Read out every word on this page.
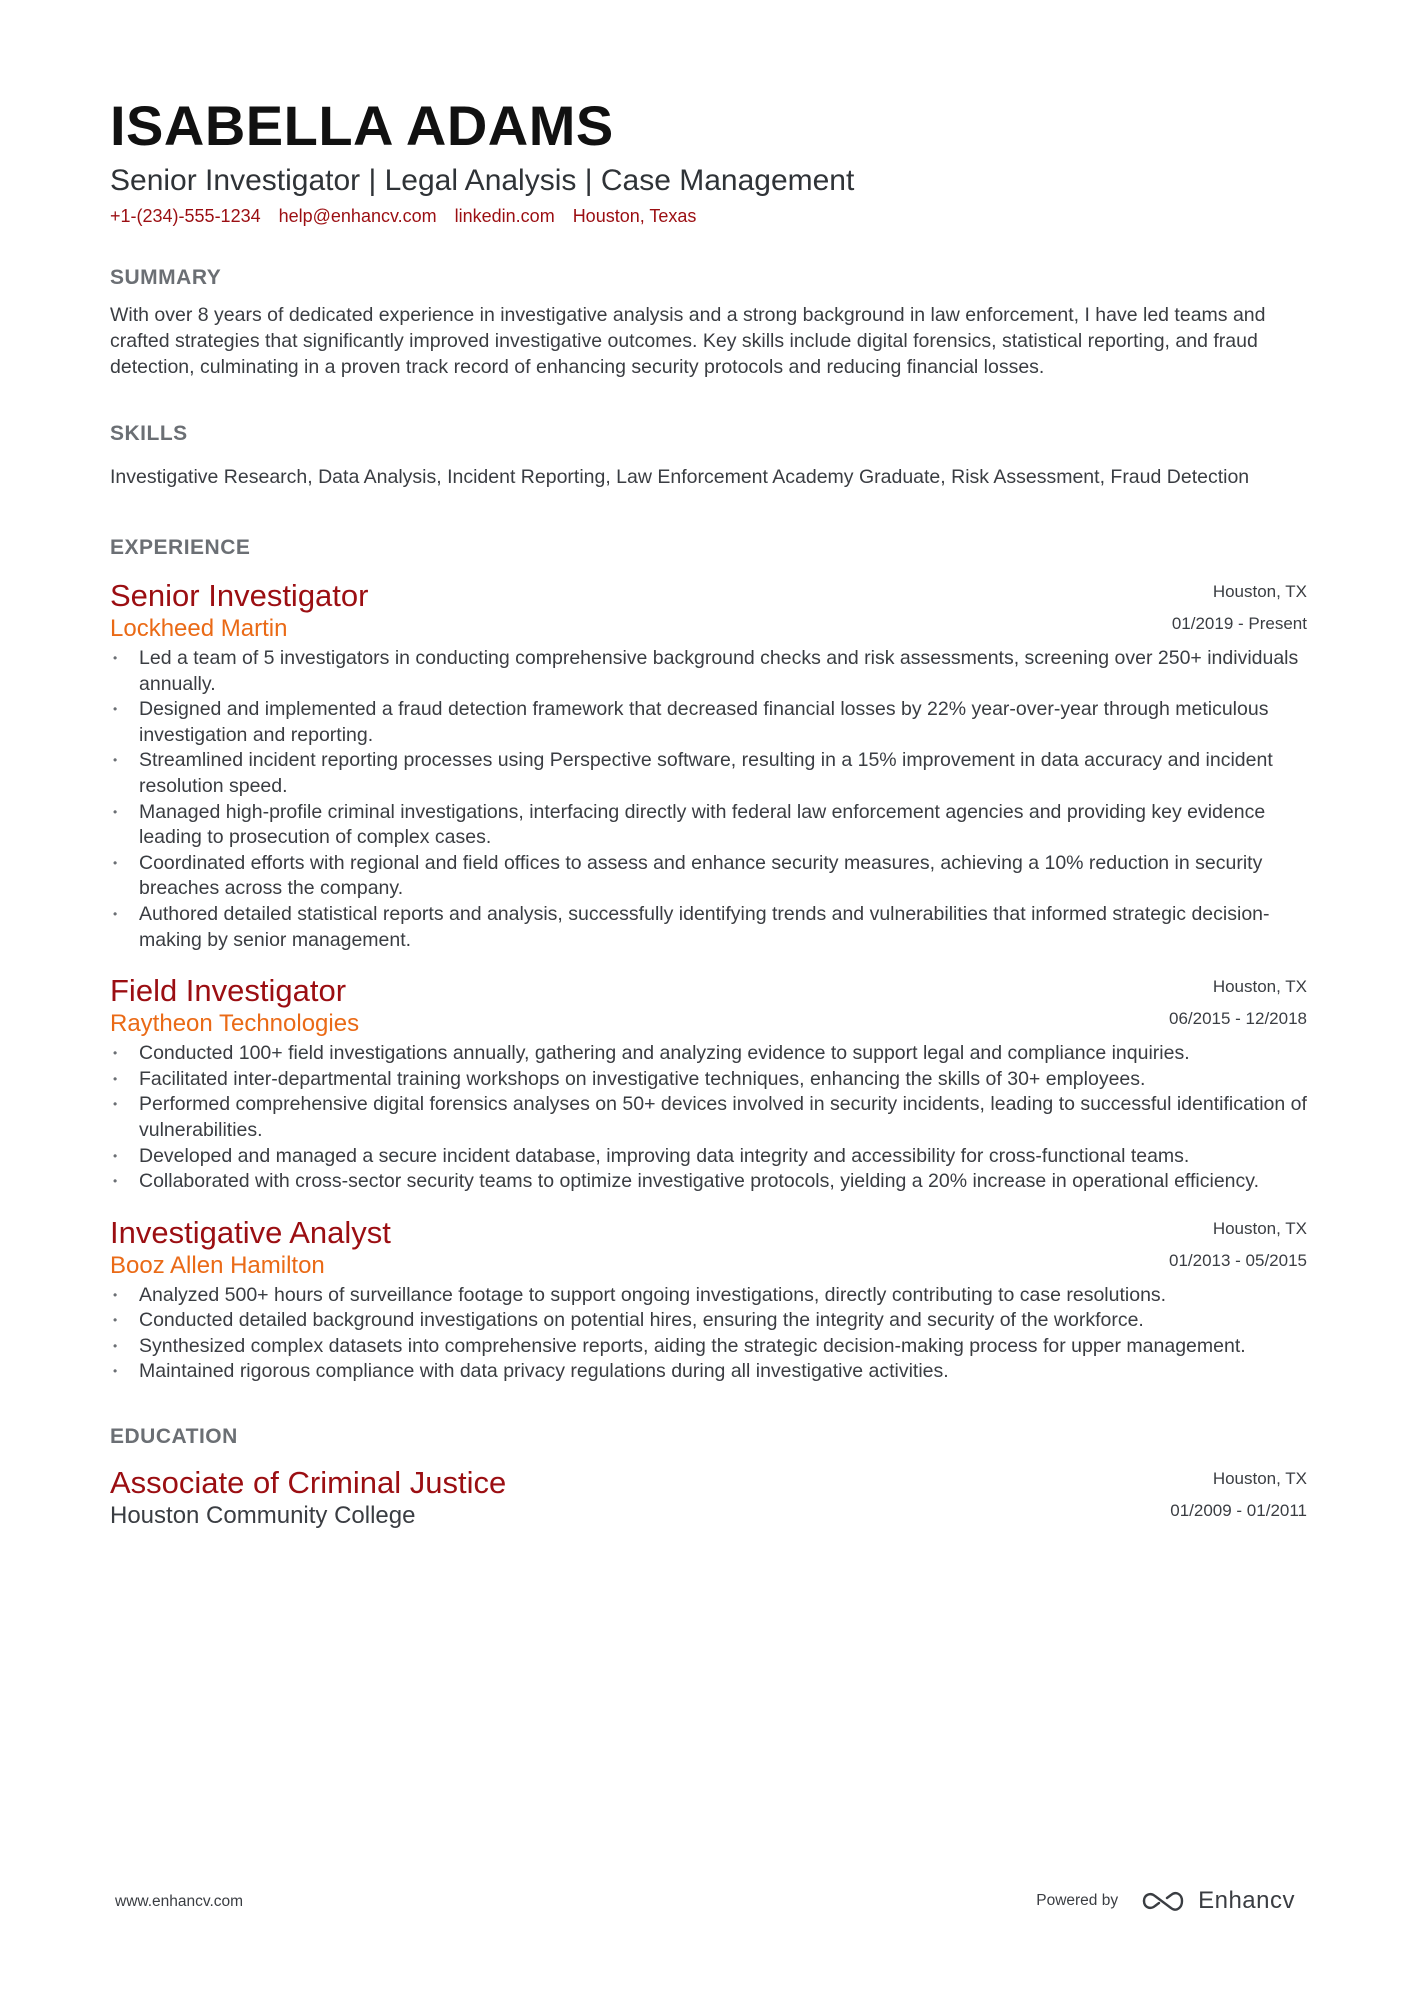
ISABELLA ADAMS
Senior Investigator | Legal Analysis | Case Management
+1-(234)-555-1234 help@enhancv.com linkedin.com Houston, Texas
SUMMARY
With over 8 years of dedicated experience in investigative analysis and a strong background in law enforcement, I have led teams and crafted strategies that significantly improved investigative outcomes. Key skills include digital forensics, statistical reporting, and fraud detection, culminating in a proven track record of enhancing security protocols and reducing financial losses.
SKILLS
Investigative Research, Data Analysis, Incident Reporting, Law Enforcement Academy Graduate, Risk Assessment, Fraud Detection
EXPERIENCE
Senior Investigator
Lockheed Martin
Houston, TX
01/2019 - Present
• Led a team of 5 investigators in conducting comprehensive background checks and risk assessments, screening over 250+ individuals annually.
• Designed and implemented a fraud detection framework that decreased financial losses by 22% year-over-year through meticulous investigation and reporting.
• Streamlined incident reporting processes using Perspective software, resulting in a 15% improvement in data accuracy and incident resolution speed.
• Managed high-profile criminal investigations, interfacing directly with federal law enforcement agencies and providing key evidence leading to prosecution of complex cases.
• Coordinated efforts with regional and field offices to assess and enhance security measures, achieving a 10% reduction in security breaches across the company.
• Authored detailed statistical reports and analysis, successfully identifying trends and vulnerabilities that informed strategic decision-making by senior management.
Field Investigator
Raytheon Technologies
Houston, TX
06/2015 - 12/2018
• Conducted 100+ field investigations annually, gathering and analyzing evidence to support legal and compliance inquiries.
• Facilitated inter-departmental training workshops on investigative techniques, enhancing the skills of 30+ employees.
• Performed comprehensive digital forensics analyses on 50+ devices involved in security incidents, leading to successful identification of vulnerabilities.
• Developed and managed a secure incident database, improving data integrity and accessibility for cross-functional teams.
• Collaborated with cross-sector security teams to optimize investigative protocols, yielding a 20% increase in operational efficiency.
Investigative Analyst
Booz Allen Hamilton
Houston, TX
01/2013 - 05/2015
• Analyzed 500+ hours of surveillance footage to support ongoing investigations, directly contributing to case resolutions.
• Conducted detailed background investigations on potential hires, ensuring the integrity and security of the workforce.
• Synthesized complex datasets into comprehensive reports, aiding the strategic decision-making process for upper management.
• Maintained rigorous compliance with data privacy regulations during all investigative activities.
EDUCATION
Associate of Criminal Justice
Houston Community College
Houston, TX
01/2009 - 01/2011
www.enhancv.com	Powered by	Enhancv
